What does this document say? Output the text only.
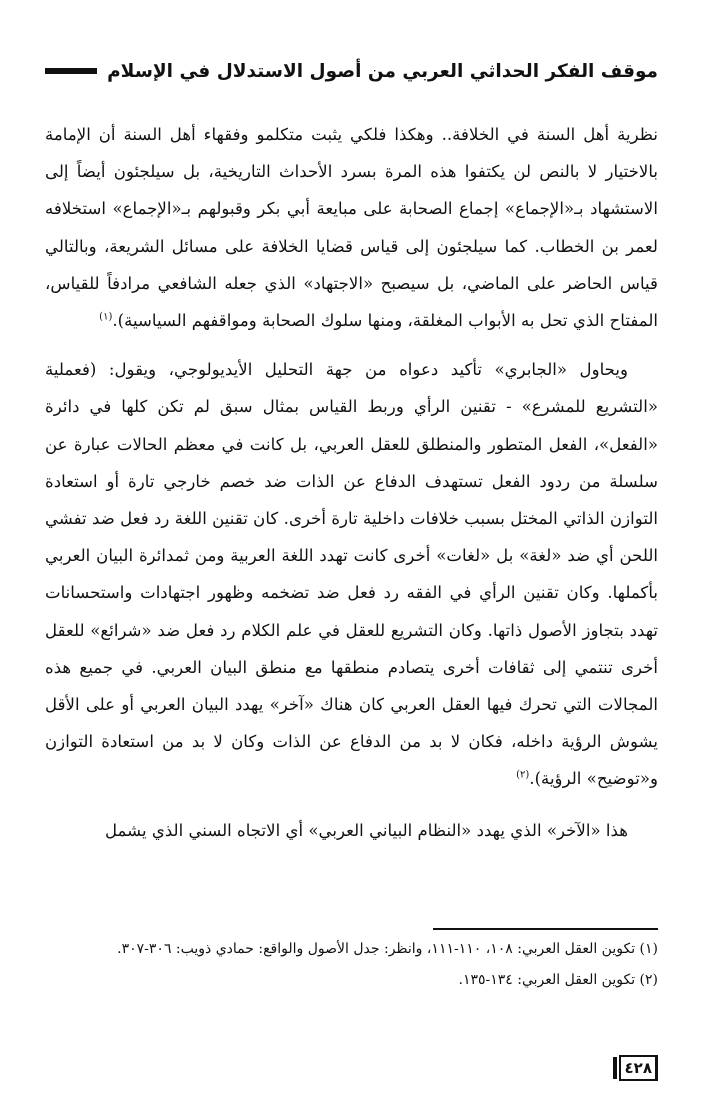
موقف الفكر الحداثي العربي من أصول الاستدلال في الإسلام

نظرية أهل السنة في الخلافة.. وهكذا فلكي يثبت متكلمو وفقهاء أهل السنة أن الإمامة بالاختيار لا بالنص لن يكتفوا هذه المرة بسرد الأحداث التاريخية، بل سيلجئون أيضاً إلى الاستشهاد بـ«الإجماع» إجماع الصحابة على مبايعة أبي بكر وقبولهم بـ«الإجماع» استخلافه لعمر بن الخطاب. كما سيلجئون إلى قياس قضايا الخلافة على مسائل الشريعة، وبالتالي قياس الحاضر على الماضي، بل سيصبح «الاجتهاد» الذي جعله الشافعي مرادفاً للقياس، المفتاح الذي تحل به الأبواب المغلقة، ومنها سلوك الصحابة ومواقفهم السياسية).$^{(١)}$

ويحاول «الجابري» تأكيد دعواه من جهة التحليل الأيديولوجي، ويقول: (فعملية «التشريع للمشرع» - تقنين الرأي وربط القياس بمثال سبق لم تكن كلها في دائرة «الفعل»، الفعل المتطور والمنطلق للعقل العربي، بل كانت في معظم الحالات عبارة عن سلسلة من ردود الفعل تستهدف الدفاع عن الذات ضد خصم خارجي تارة أو استعادة التوازن الذاتي المختل بسبب خلافات داخلية تارة أخرى. كان تقنين اللغة رد فعل ضد تفشي اللحن أي ضد «لغة» بل «لغات» أخرى كانت تهدد اللغة العربية ومن ثمدائرة البيان العربي بأكملها. وكان تقنين الرأي في الفقه رد فعل ضد تضخمه وظهور اجتهادات واستحسانات تهدد بتجاوز الأصول ذاتها. وكان التشريع للعقل في علم الكلام رد فعل ضد «شرائع» للعقل أخرى تنتمي إلى ثقافات أخرى يتصادم منطقها مع منطق البيان العربي. في جميع هذه المجالات التي تحرك فيها العقل العربي كان هناك «آخر» يهدد البيان العربي أو على الأقل يشوش الرؤية داخله، فكان لا بد من الدفاع عن الذات وكان لا بد من استعادة التوازن و«توضيح» الرؤية).$^{(٢)}$

هذا «الآخر» الذي يهدد «النظام البياني العربي» أي الاتجاه السني الذي يشمل

(١) تكوين العقل العربي: ١٠٨، ١١٠-١١١، وانظر: جدل الأصول والواقع: حمادي ذويب: ٣٠٦-٣٠٧.

(٢) تكوين العقل العربي: ١٣٤-١٣٥.

٤٢٨
